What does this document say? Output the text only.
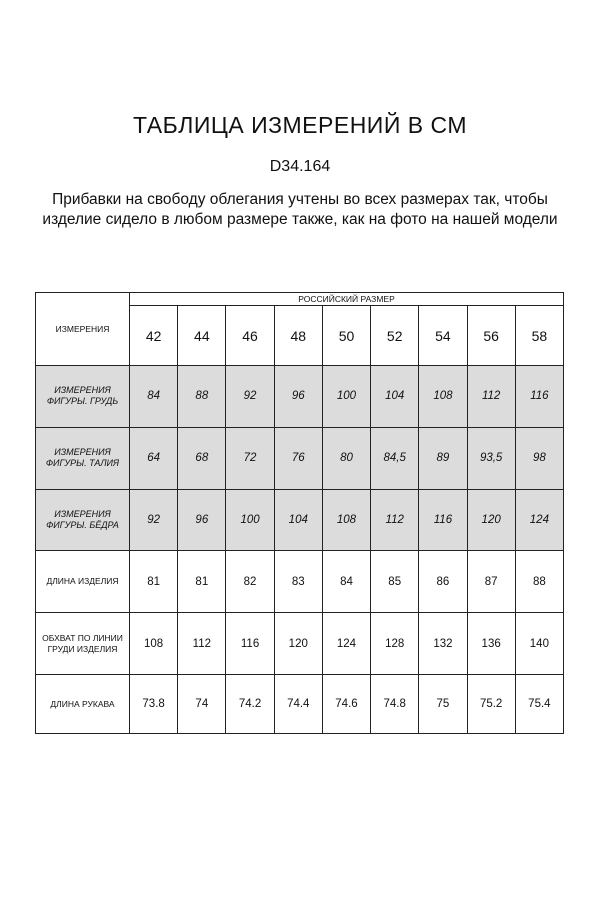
ТАБЛИЦА ИЗМЕРЕНИЙ В СМ
D34.164
Прибавки на свободу облегания учтены во всех размерах так, чтобы изделие сидело в любом размере также, как на фото на нашей модели
ИЗМЕРЕНИЯ	РОССИЙСКИЙ РАЗМЕР								
	42	44	46	48	50	52	54	56	58
ИЗМЕРЕНИЯ ФИГУРЫ. ГРУДЬ	84	88	92	96	100	104	108	112	116
ИЗМЕРЕНИЯ ФИГУРЫ. ТАЛИЯ	64	68	72	76	80	84,5	89	93,5	98
ИЗМЕРЕНИЯ ФИГУРЫ. БЁДРА	92	96	100	104	108	112	116	120	124
ДЛИНА ИЗДЕЛИЯ	81	81	82	83	84	85	86	87	88
ОБХВАТ ПО ЛИНИИ ГРУДИ ИЗДЕЛИЯ	108	112	116	120	124	128	132	136	140
ДЛИНА РУКАВА	73.8	74	74.2	74.4	74.6	74.8	75	75.2	75.4
